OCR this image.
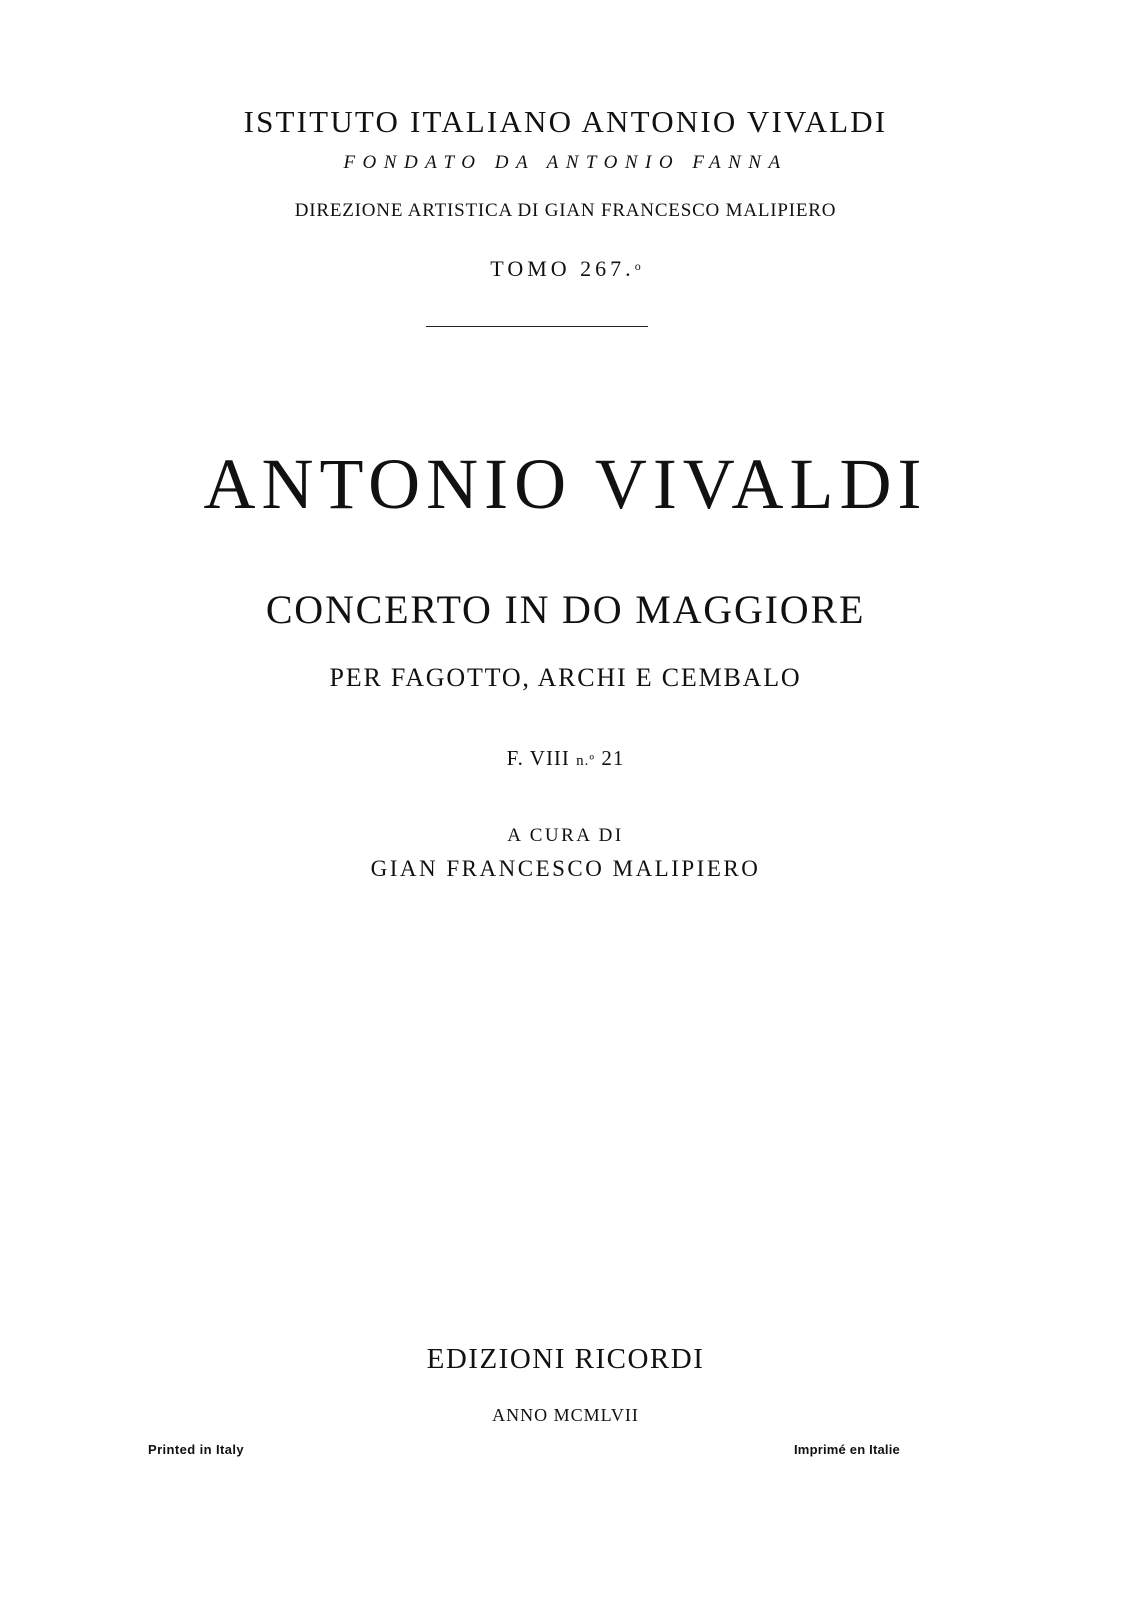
ISTITUTO ITALIANO ANTONIO VIVALDI
FONDATO DA ANTONIO FANNA
DIREZIONE ARTISTICA DI GIAN FRANCESCO MALIPIERO
TOMO 267.$^o$
ANTONIO VIVALDI
CONCERTO IN DO MAGGIORE
PER FAGOTTO, ARCHI E CEMBALO
F. VIII n.º 21
A CURA DI
GIAN FRANCESCO MALIPIERO
EDIZIONI RICORDI
ANNO MCMLVII
Printed in Italy	Imprimé en Italie
